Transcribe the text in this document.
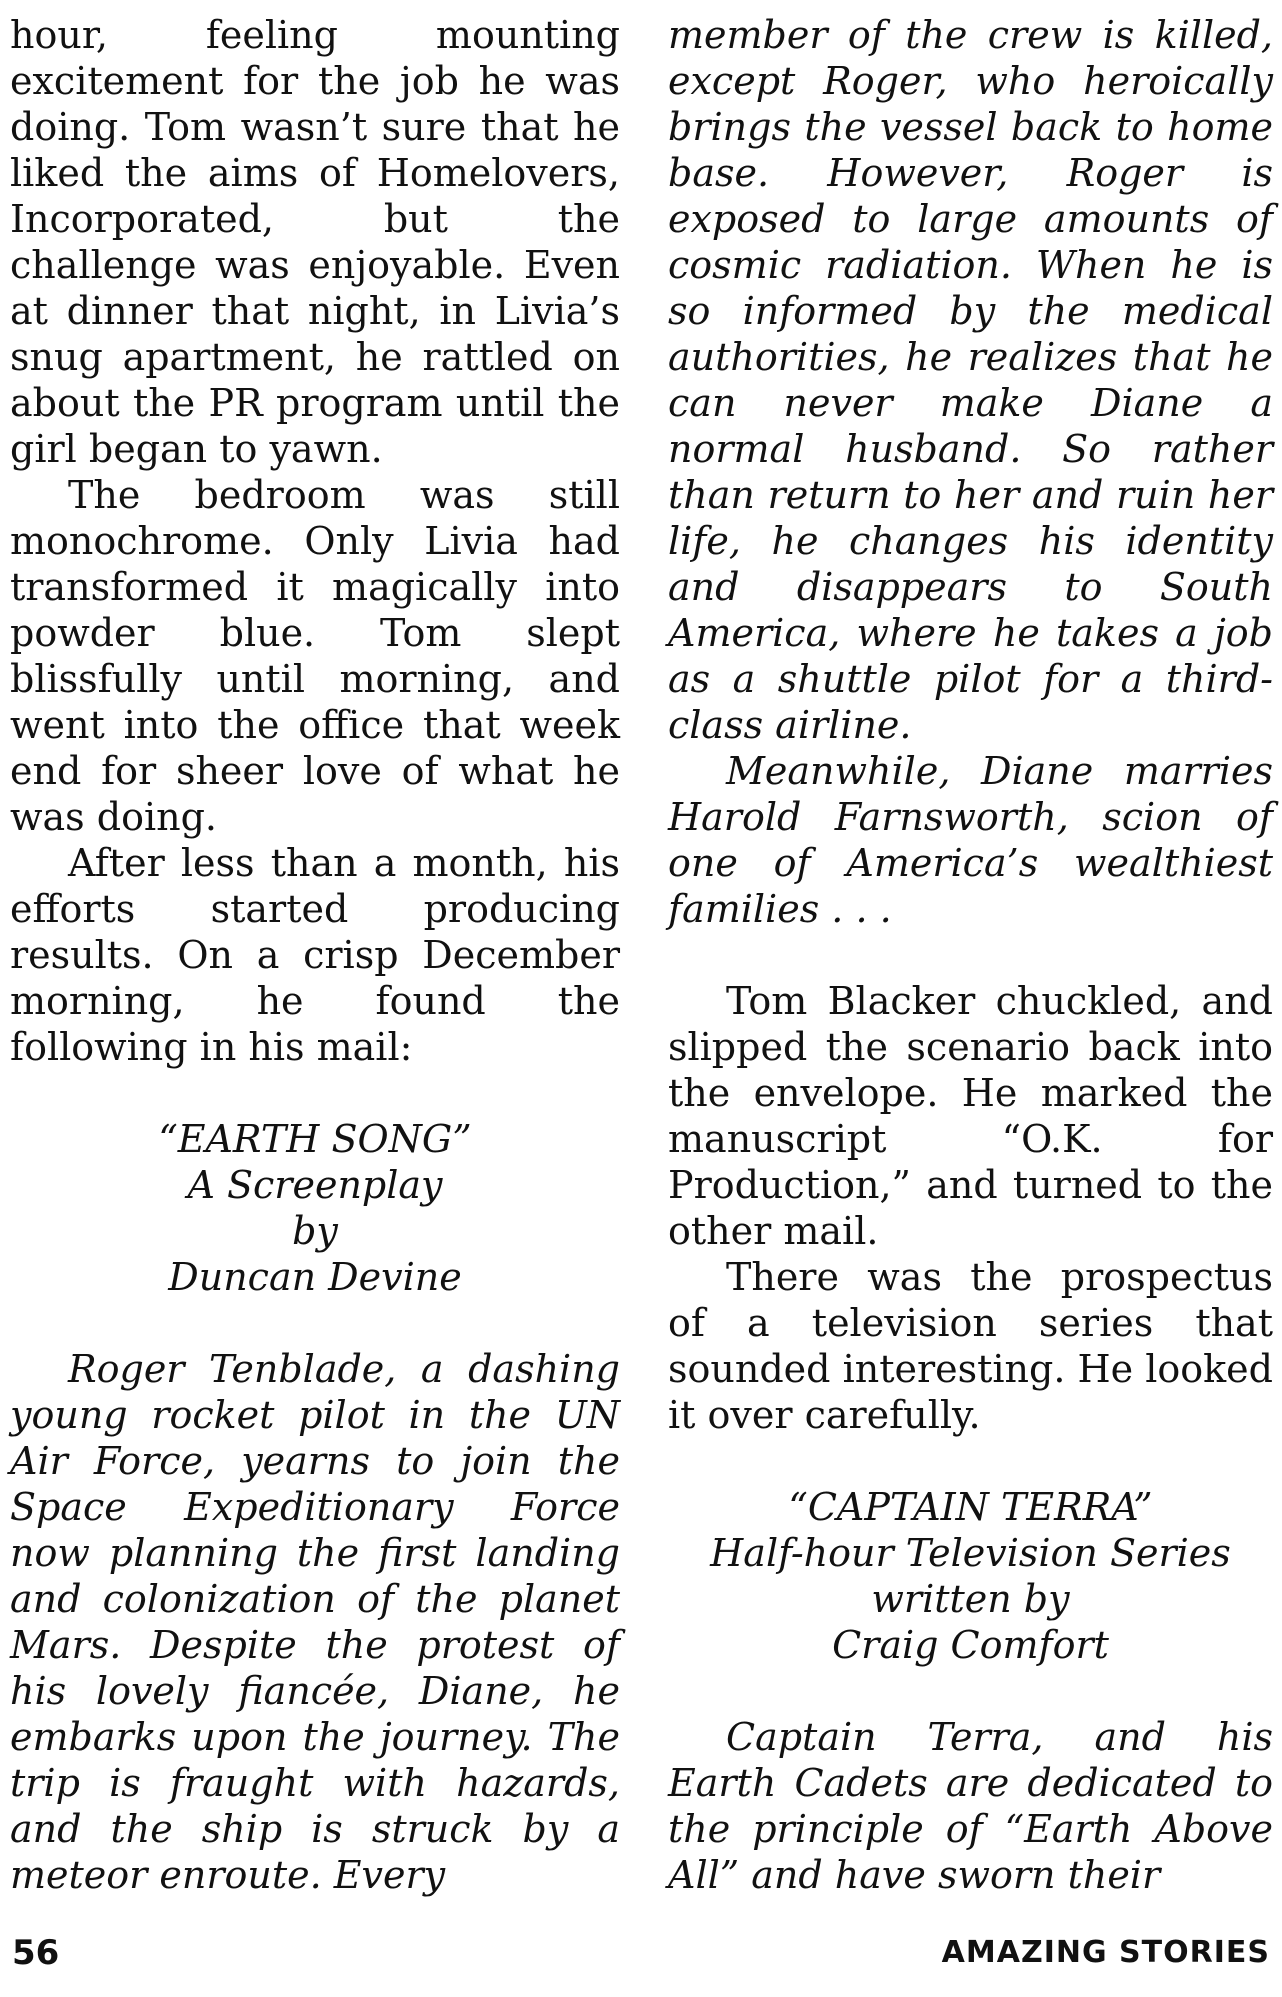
hour, feeling mounting excitement for the job he was doing. Tom wasn’t sure that he liked the aims of Homelovers, Incorporated, but the challenge was enjoyable. Even at dinner that night, in Livia’s snug apartment, he rattled on about the PR program until the girl began to yawn.

The bedroom was still monochrome. Only Livia had transformed it magically into powder blue. Tom slept blissfully until morning, and went into the office that week end for sheer love of what he was doing.

After less than a month, his efforts started producing results. On a crisp December morning, he found the following in his mail:

“EARTH SONG”

A Screenplay

by

Duncan Devine

Roger Tenblade, a dashing young rocket pilot in the UN Air Force, yearns to join the Space Expeditionary Force now planning the first landing and colonization of the planet Mars. Despite the protest of his lovely fiancée, Diane, he embarks upon the journey. The trip is fraught with hazards, and the ship is struck by a meteor enroute. Every

member of the crew is killed, except Roger, who heroically brings the vessel back to home base. However, Roger is exposed to large amounts of cosmic radiation. When he is so informed by the medical authorities, he realizes that he can never make Diane a normal husband. So rather than return to her and ruin her life, he changes his identity and disappears to South America, where he takes a job as a shuttle pilot for a third-class airline.

Meanwhile, Diane marries Harold Farnsworth, scion of one of America’s wealthiest families . . .

Tom Blacker chuckled, and slipped the scenario back into the envelope. He marked the manuscript “O.K. for Production,” and turned to the other mail.

There was the prospectus of a television series that sounded interesting. He looked it over carefully.

“CAPTAIN TERRA”

Half-hour Television Series

written by

Craig Comfort

Captain Terra, and his Earth Cadets are dedicated to the principle of “Earth Above All” and have sworn their

56	AMAZING STORIES
